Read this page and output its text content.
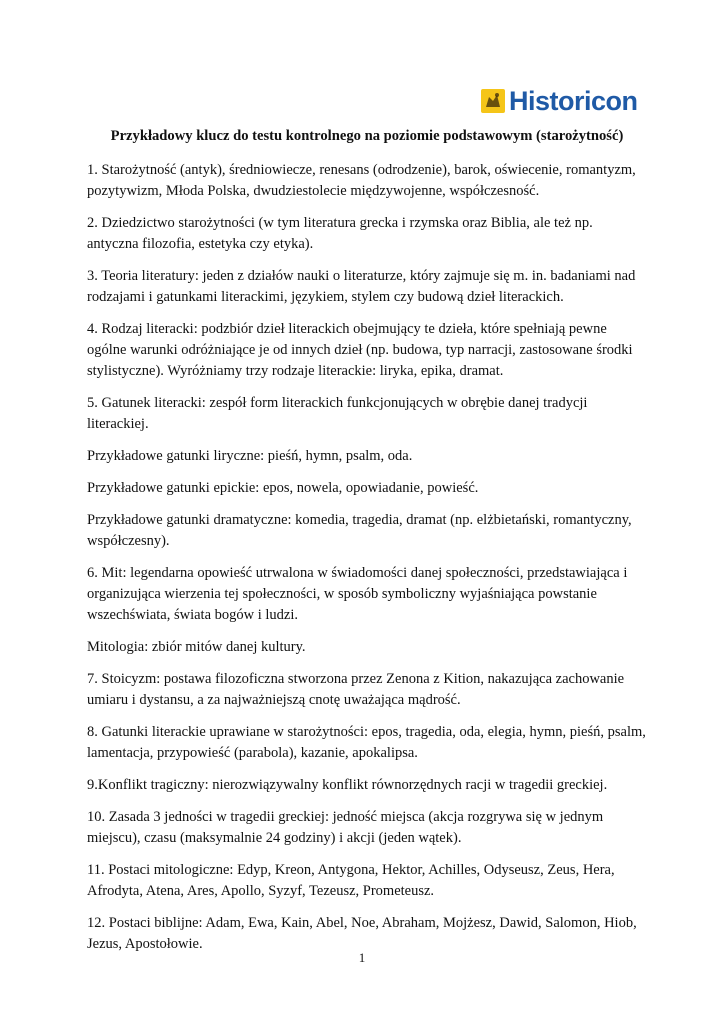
Historicon

Przykładowy klucz do testu kontrolnego na poziomie podstawowym (starożytność)

1. Starożytność (antyk), średniowiecze, renesans (odrodzenie), barok, oświecenie, romantyzm, pozytywizm, Młoda Polska, dwudziestolecie międzywojenne, współczesność.

2. Dziedzictwo starożytności (w tym literatura grecka i rzymska oraz Biblia, ale też np. antyczna filozofia, estetyka czy etyka).

3. Teoria literatury: jeden z działów nauki o literaturze, który zajmuje się m. in. badaniami nad rodzajami i gatunkami literackimi, językiem, stylem czy budową dzieł literackich.

4. Rodzaj literacki: podzbiór dzieł literackich obejmujący te dzieła, które spełniają pewne ogólne warunki odróżniające je od innych dzieł (np. budowa, typ narracji, zastosowane środki stylistyczne). Wyróżniamy trzy rodzaje literackie: liryka, epika, dramat.

5. Gatunek literacki: zespół form literackich funkcjonujących w obrębie danej tradycji literackiej.

Przykładowe gatunki liryczne: pieśń, hymn, psalm, oda.

Przykładowe gatunki epickie: epos, nowela, opowiadanie, powieść.

Przykładowe gatunki dramatyczne: komedia, tragedia, dramat (np. elżbietański, romantyczny, współczesny).

6. Mit: legendarna opowieść utrwalona w świadomości danej społeczności, przedstawiająca i organizująca wierzenia tej społeczności, w sposób symboliczny wyjaśniająca powstanie wszechświata, świata bogów i ludzi.

Mitologia: zbiór mitów danej kultury.

7. Stoicyzm: postawa filozoficzna stworzona przez Zenona z Kition, nakazująca zachowanie umiaru i dystansu, a za najważniejszą cnotę uważająca mądrość.

8. Gatunki literackie uprawiane w starożytności: epos, tragedia, oda, elegia, hymn, pieśń, psalm, lamentacja, przypowieść (parabola), kazanie, apokalipsa.

9.Konflikt tragiczny: nierozwiązywalny konflikt równorzędnych racji w tragedii greckiej.

10. Zasada 3 jedności w tragedii greckiej: jedność miejsca (akcja rozgrywa się w jednym miejscu), czasu (maksymalnie 24 godziny) i akcji (jeden wątek).

11. Postaci mitologiczne: Edyp, Kreon, Antygona, Hektor, Achilles, Odyseusz, Zeus, Hera, Afrodyta, Atena, Ares, Apollo, Syzyf, Tezeusz, Prometeusz.

12. Postaci biblijne: Adam, Ewa, Kain, Abel, Noe, Abraham, Mojżesz, Dawid, Salomon, Hiob, Jezus, Apostołowie.

1
